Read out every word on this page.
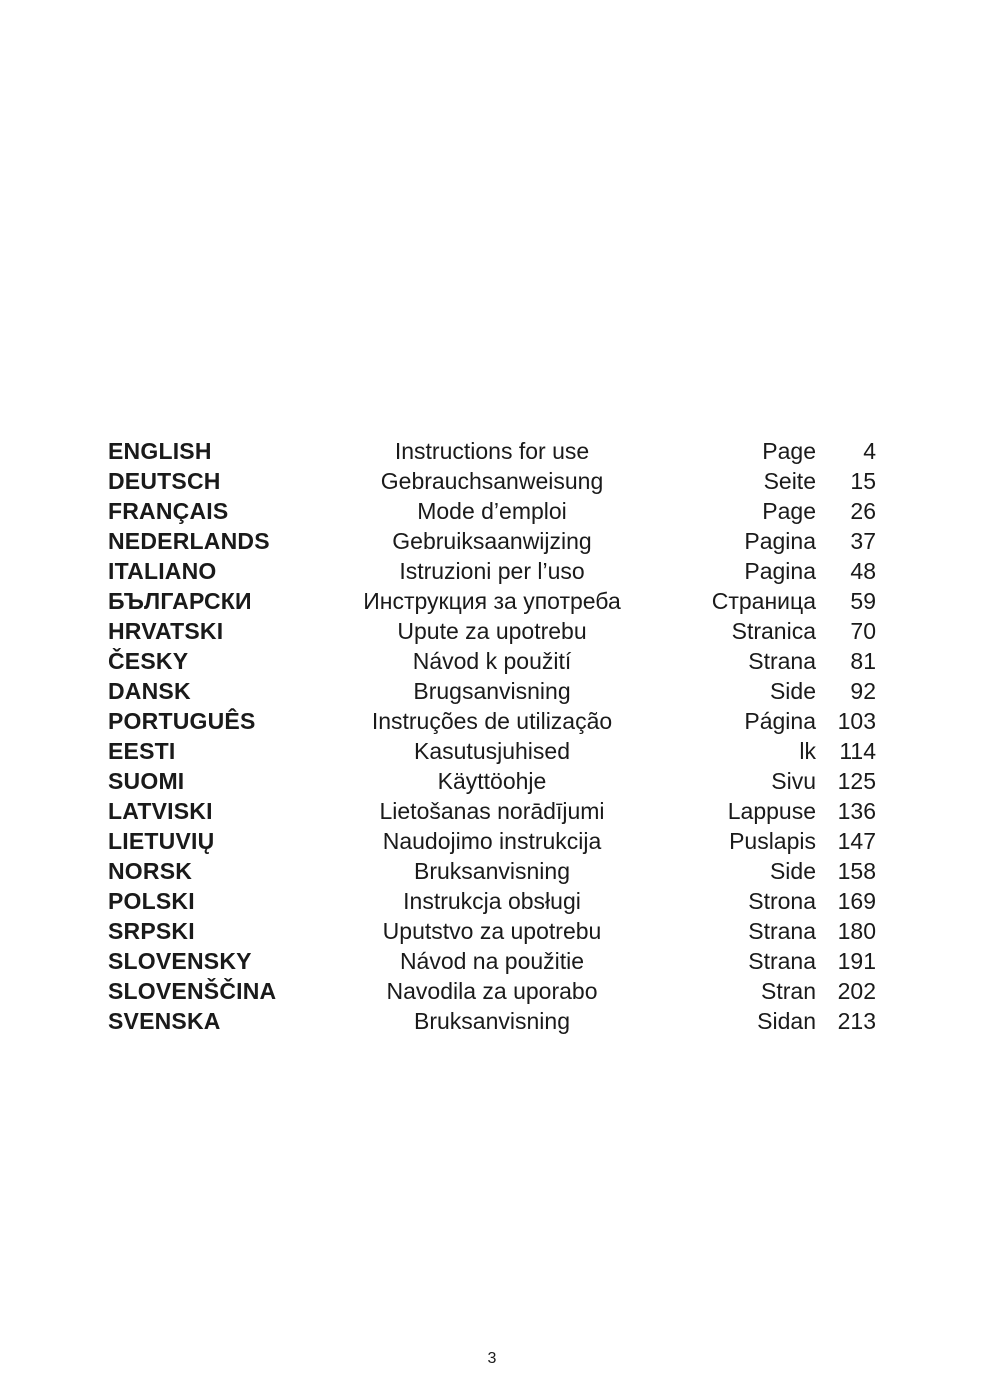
ENGLISH	Instructions for use	Page 4
DEUTSCH	Gebrauchsanweisung	Seite 15
FRANÇAIS	Mode d’emploi	Page 26
NEDERLANDS	Gebruiksaanwijzing	Pagina 37
ITALIANO	Istruzioni per l’uso	Pagina 48
БЪЛГАРСКИ	Инструкция за употреба	Страница 59
HRVATSKI	Upute za upotrebu	Stranica 70
ČESKY	Návod k použití	Strana 81
DANSK	Brugsanvisning	Side 92
PORTUGUÊS	Instruções de utilização	Página 103
EESTI	Kasutusjuhised	lk 114
SUOMI	Käyttöohje	Sivu 125
LATVISKI	Lietošanas norādījumi	Lappuse 136
LIETUVIŲ	Naudojimo instrukcija	Puslapis 147
NORSK	Bruksanvisning	Side 158
POLSKI	Instrukcja obsługi	Strona 169
SRPSKI	Uputstvo za upotrebu	Strana 180
SLOVENSKY	Návod na použitie	Strana 191
SLOVENŠČINA	Navodila za uporabo	Stran 202
SVENSKA	Bruksanvisning	Sidan 213
3
